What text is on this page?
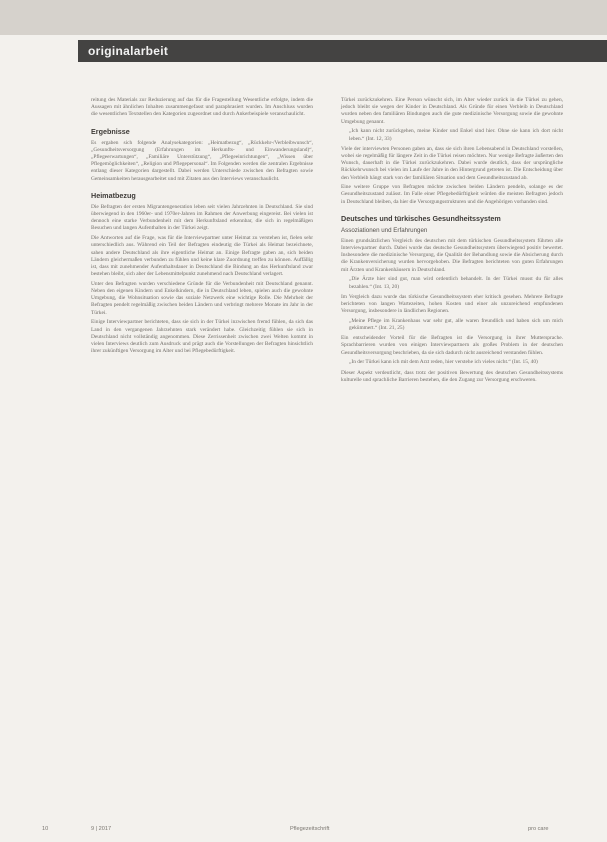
originalarbeit

reitung des Materials zur Reduzierung auf das für die Fragestellung Wesentliche erfolgte, indem die Aussagen mit ähnlichen Inhalten zusammengefasst und paraphrasiert wurden. Im Anschluss wurden die wesentlichen Textstellen den Kategorien zugeordnet und durch Ankerbeispiele veranschaulicht.

Ergebnisse

Es ergaben sich folgende Analysekategorien: „Heimatbezug“, „Rückkehr-/Verbleibwunsch“, „Gesundheitsversorgung (Erfahrungen im Herkunfts- und Einwanderungsland)“, „Pflegeerwartungen“, „Familiäre Unterstützung“, „Pflegeeinrichtungen“, „Wissen über Pflegemöglichkeiten“, „Religion und Pflegepersonal“. Im Folgenden werden die zentralen Ergebnisse entlang dieser Kategorien dargestellt. Dabei werden Unterschiede zwischen den Befragten sowie Gemeinsamkeiten herausgearbeitet und mit Zitaten aus den Interviews veranschaulicht.

Heimatbezug

Die Befragten der ersten Migrantengeneration leben seit vielen Jahrzehnten in Deutschland. Sie sind überwiegend in den 1960er- und 1970er-Jahren im Rahmen der Anwerbung eingereist. Bei vielen ist dennoch eine starke Verbundenheit mit dem Herkunftsland erkennbar, die sich in regelmäßigen Besuchen und langen Aufenthalten in der Türkei zeigt.

Die Antworten auf die Frage, was für die Interviewpartner unter Heimat zu verstehen ist, fielen sehr unterschiedlich aus. Während ein Teil der Befragten eindeutig die Türkei als Heimat bezeichnete, sahen andere Deutschland als ihre eigentliche Heimat an. Einige Befragte gaben an, sich beiden Ländern gleichermaßen verbunden zu fühlen und keine klare Zuordnung treffen zu können. Auffällig ist, dass mit zunehmender Aufenthaltsdauer in Deutschland die Bindung an das Herkunftsland zwar bestehen bleibt, sich aber der Lebensmittelpunkt zunehmend nach Deutschland verlagert.

Unter den Befragten wurden verschiedene Gründe für die Verbundenheit mit Deutschland genannt. Neben den eigenen Kindern und Enkelkindern, die in Deutschland leben, spielen auch die gewohnte Umgebung, die Wohnsituation sowie das soziale Netzwerk eine wichtige Rolle. Die Mehrheit der Befragten pendelt regelmäßig zwischen beiden Ländern und verbringt mehrere Monate im Jahr in der Türkei.

Einige Interviewpartner berichteten, dass sie sich in der Türkei inzwischen fremd fühlen, da sich das Land in den vergangenen Jahrzehnten stark verändert habe. Gleichzeitig fühlen sie sich in Deutschland nicht vollständig angenommen. Diese Zerrissenheit zwischen zwei Welten kommt in vielen Interviews deutlich zum Ausdruck und prägt auch die Vorstellungen der Befragten hinsichtlich ihrer zukünftigen Versorgung im Alter und bei Pflegebedürftigkeit.

Türkei zurückzukehren. Eine Person wünscht sich, im Alter wieder zurück in die Türkei zu gehen, jedoch bleibt sie wegen der Kinder in Deutschland. Als Gründe für einen Verbleib in Deutschland wurden neben den familiären Bindungen auch die gute medizinische Versorgung sowie die gewohnte Umgebung genannt.

„Ich kann nicht zurückgehen, meine Kinder und Enkel sind hier. Ohne sie kann ich dort nicht leben.“ (Int. 12, 33)

Viele der interviewten Personen gaben an, dass sie sich ihren Lebensabend in Deutschland vorstellen, wobei sie regelmäßig für längere Zeit in die Türkei reisen möchten. Nur wenige Befragte äußerten den Wunsch, dauerhaft in die Türkei zurückzukehren. Dabei wurde deutlich, dass der ursprüngliche Rückkehrwunsch bei vielen im Laufe der Jahre in den Hintergrund getreten ist. Die Entscheidung über den Verbleib hängt stark von der familiären Situation und dem Gesundheitszustand ab.

Eine weitere Gruppe von Befragten möchte zwischen beiden Ländern pendeln, solange es der Gesundheitszustand zulässt. Im Falle einer Pflegebedürftigkeit würden die meisten Befragten jedoch in Deutschland bleiben, da hier die Versorgungsstrukturen und die Angehörigen vorhanden sind.

Deutsches und türkisches Gesundheitssystem
Assoziationen und Erfahrungen

Einen grundsätzlichen Vergleich des deutschen mit dem türkischen Gesundheitssystem führten alle Interviewpartner durch. Dabei wurde das deutsche Gesundheitssystem überwiegend positiv bewertet. Insbesondere die medizinische Versorgung, die Qualität der Behandlung sowie die Absicherung durch die Krankenversicherung wurden hervorgehoben. Die Befragten berichteten von guten Erfahrungen mit Ärzten und Krankenhäusern in Deutschland.

„Die Ärzte hier sind gut, man wird ordentlich behandelt. In der Türkei musst du für alles bezahlen.“ (Int. 13, 20)

Im Vergleich dazu wurde das türkische Gesundheitssystem eher kritisch gesehen. Mehrere Befragte berichteten von langen Wartezeiten, hohen Kosten und einer als unzureichend empfundenen Versorgung, insbesondere in ländlichen Regionen.

„Meine Pflege im Krankenhaus war sehr gut, alle waren freundlich und haben sich um mich gekümmert.“ (Int. 21, 25)

Ein entscheidender Vorteil für die Befragten ist die Versorgung in ihrer Muttersprache. Sprachbarrieren wurden von einigen Interviewpartnern als großes Problem in der deutschen Gesundheitsversorgung beschrieben, da sie sich dadurch nicht ausreichend verstanden fühlen.

„In der Türkei kann ich mit dem Arzt reden, hier verstehe ich vieles nicht.“ (Int. 15, 40)

Dieser Aspekt verdeutlicht, dass trotz der positiven Bewertung des deutschen Gesundheitssystems kulturelle und sprachliche Barrieren bestehen, die den Zugang zur Versorgung erschweren.

10	9 | 2017	Pflegezeitschrift	pro care
